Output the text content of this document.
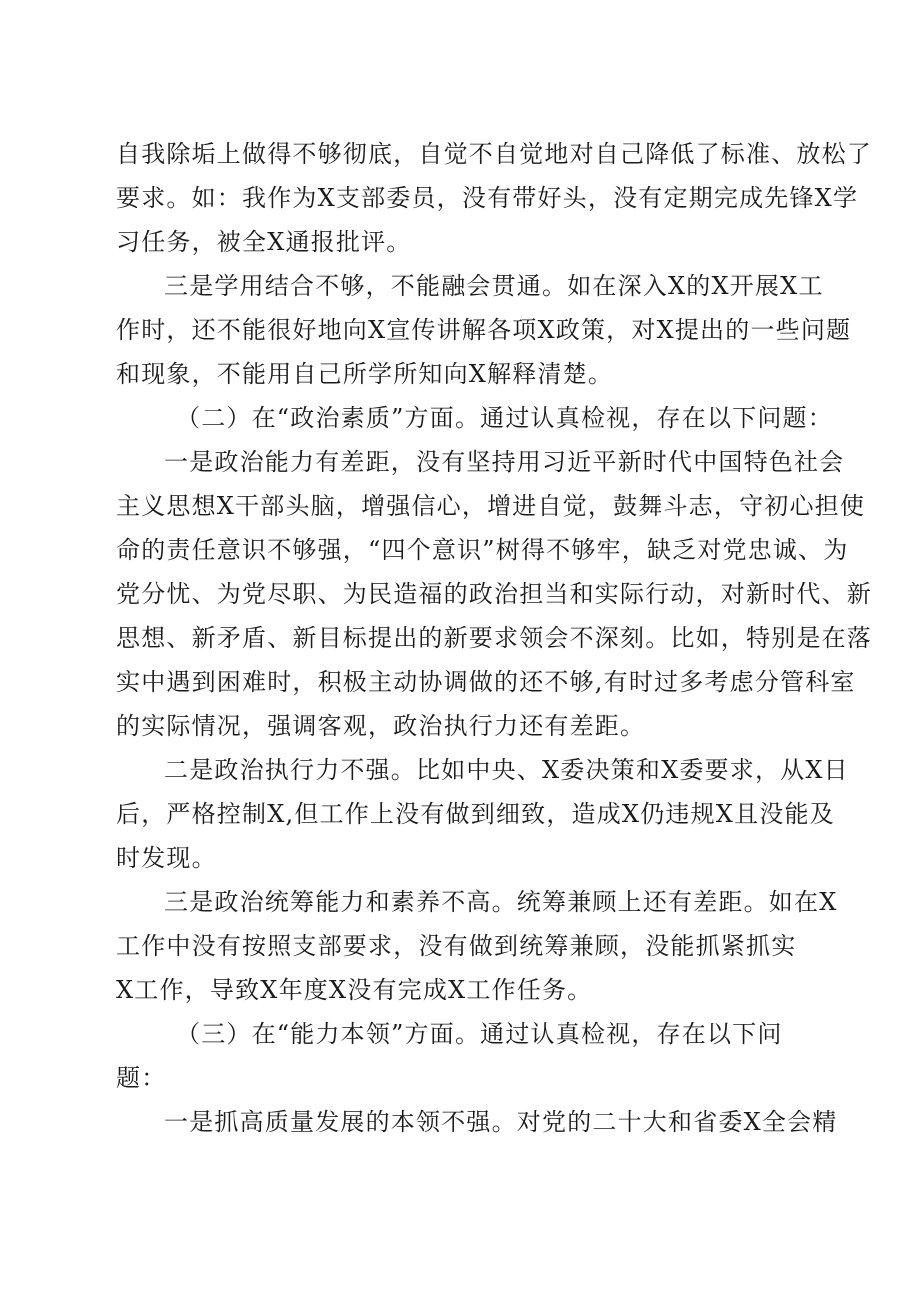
自我除垢上做得不够彻底，自觉不自觉地对自己降低了标准、放松了
要求。如：我作为X支部委员，没有带好头，没有定期完成先锋X学
习任务，被全X通报批评。
三是学用结合不够，不能融会贯通。如在深入X的X开展X工
作时，还不能很好地向X宣传讲解各项X政策，对X提出的一些问题
和现象，不能用自己所学所知向X解释清楚。
（二）在“政治素质”方面。通过认真检视，存在以下问题：
一是政治能力有差距，没有坚持用习近平新时代中国特色社会
主义思想X干部头脑，增强信心，增进自觉，鼓舞斗志，守初心担使
命的责任意识不够强，“四个意识”树得不够牢，缺乏对党忠诚、为
党分忧、为党尽职、为民造福的政治担当和实际行动，对新时代、新
思想、新矛盾、新目标提出的新要求领会不深刻。比如，特别是在落
实中遇到困难时，积极主动协调做的还不够,有时过多考虑分管科室
的实际情况，强调客观，政治执行力还有差距。
二是政治执行力不强。比如中央、X委决策和X委要求，从X日
后，严格控制X,但工作上没有做到细致，造成X仍违规X且没能及
时发现。
三是政治统筹能力和素养不高。统筹兼顾上还有差距。如在X
工作中没有按照支部要求，没有做到统筹兼顾，没能抓紧抓实
X工作，导致X年度X没有完成X工作任务。
（三）在“能力本领”方面。通过认真检视，存在以下问
题：
一是抓高质量发展的本领不强。对党的二十大和省委X全会精
